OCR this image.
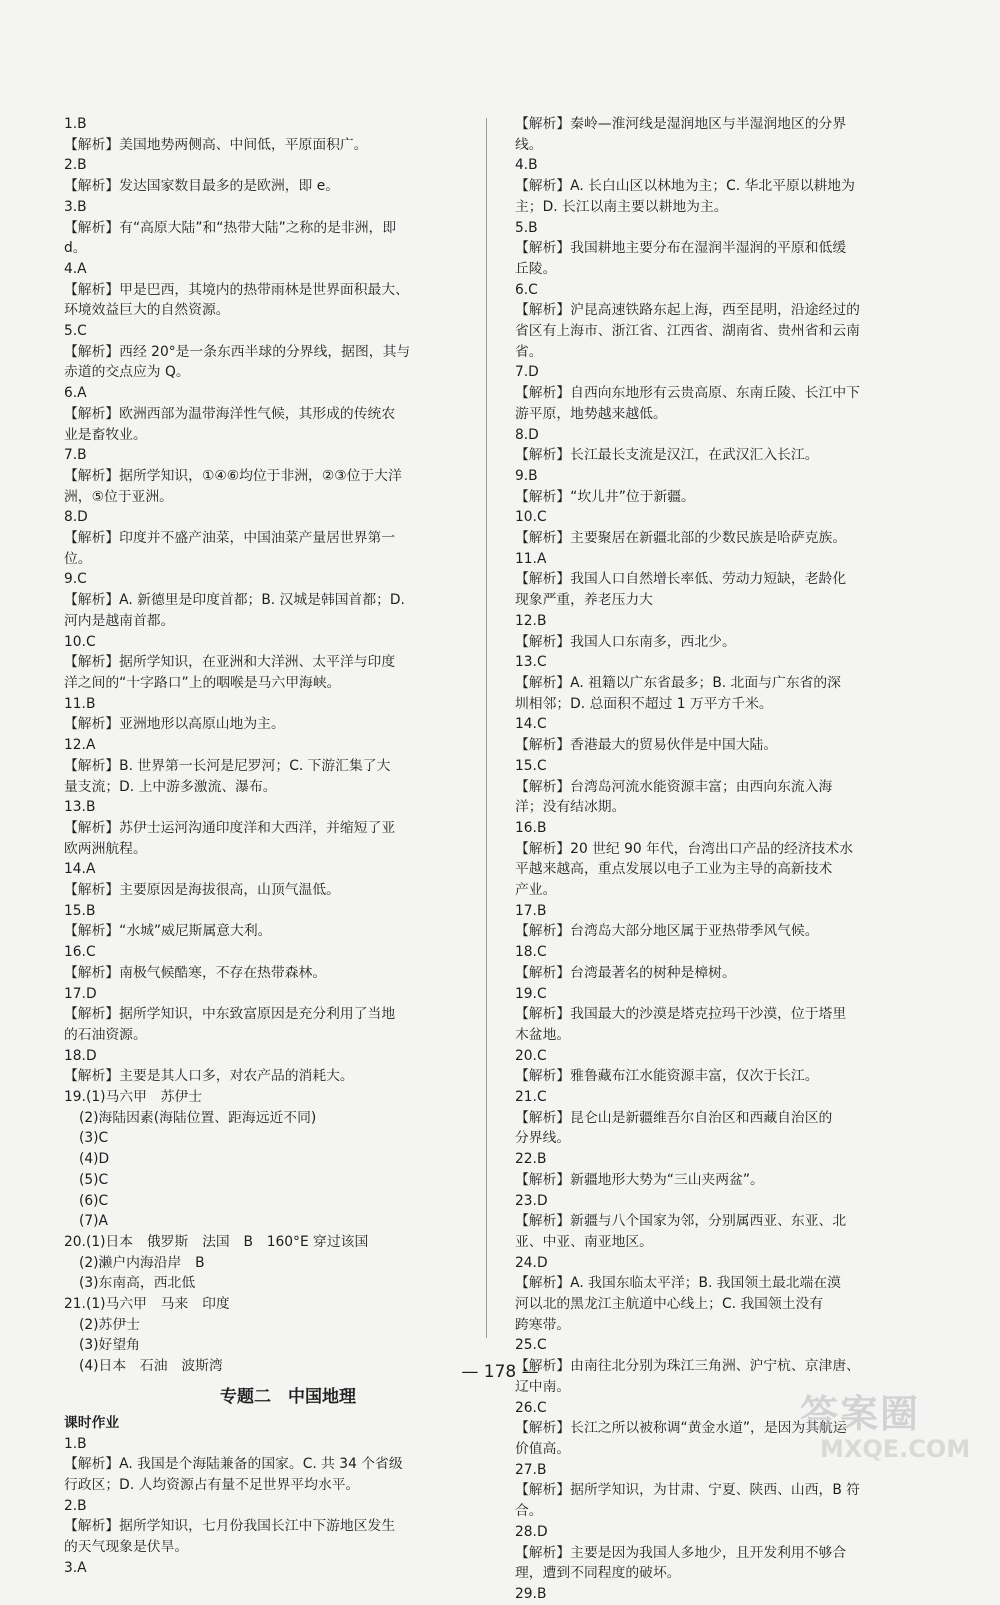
1.B
【解析】美国地势两侧高、中间低，平原面积广。
2.B
【解析】发达国家数目最多的是欧洲，即 e。
3.B
【解析】有“高原大陆”和“热带大陆”之称的是非洲，即
d。
4.A
【解析】甲是巴西，其境内的热带雨林是世界面积最大、
环境效益巨大的自然资源。
5.C
【解析】西经 20°是一条东西半球的分界线，据图，其与
赤道的交点应为 Q。
6.A
【解析】欧洲西部为温带海洋性气候，其形成的传统农
业是畜牧业。
7.B
【解析】据所学知识，①④⑥均位于非洲，②③位于大洋
洲，⑤位于亚洲。
8.D
【解析】印度并不盛产油菜，中国油菜产量居世界第一
位。
9.C
【解析】A. 新德里是印度首都；B. 汉城是韩国首都；D.
河内是越南首都。
10.C
【解析】据所学知识，在亚洲和大洋洲、太平洋与印度
洋之间的“十字路口”上的咽喉是马六甲海峡。
11.B
【解析】亚洲地形以高原山地为主。
12.A
【解析】B. 世界第一长河是尼罗河；C. 下游汇集了大
量支流；D. 上中游多激流、瀑布。
13.B
【解析】苏伊士运河沟通印度洋和大西洋，并缩短了亚
欧两洲航程。
14.A
【解析】主要原因是海拔很高，山顶气温低。
15.B
【解析】“水城”威尼斯属意大利。
16.C
【解析】南极气候酷寒，不存在热带森林。
17.D
【解析】据所学知识，中东致富原因是充分利用了当地
的石油资源。
18.D
【解析】主要是其人口多，对农产品的消耗大。
19.(1)马六甲　苏伊士
(2)海陆因素(海陆位置、距海远近不同)
(3)C
(4)D
(5)C
(6)C
(7)A
20.(1)日本　俄罗斯　法国　B　160°E 穿过该国
(2)濑户内海沿岸　B
(3)东南高，西北低
21.(1)马六甲　马来　印度
(2)苏伊士
(3)好望角
(4)日本　石油　波斯湾
专题二　中国地理
课时作业
1.B
【解析】A. 我国是个海陆兼备的国家。C. 共 34 个省级
行政区；D. 人均资源占有量不足世界平均水平。
2.B
【解析】据所学知识，七月份我国长江中下游地区发生
的天气现象是伏旱。
3.A
【解析】秦岭—淮河线是湿润地区与半湿润地区的分界
线。
4.B
【解析】A. 长白山区以林地为主；C. 华北平原以耕地为
主；D. 长江以南主要以耕地为主。
5.B
【解析】我国耕地主要分布在湿润半湿润的平原和低缓
丘陵。
6.C
【解析】沪昆高速铁路东起上海，西至昆明，沿途经过的
省区有上海市、浙江省、江西省、湖南省、贵州省和云南
省。
7.D
【解析】自西向东地形有云贵高原、东南丘陵、长江中下
游平原，地势越来越低。
8.D
【解析】长江最长支流是汉江，在武汉汇入长江。
9.B
【解析】“坎儿井”位于新疆。
10.C
【解析】主要聚居在新疆北部的少数民族是哈萨克族。
11.A
【解析】我国人口自然增长率低、劳动力短缺，老龄化
现象严重，养老压力大
12.B
【解析】我国人口东南多，西北少。
13.C
【解析】A. 祖籍以广东省最多；B. 北面与广东省的深
圳相邻；D. 总面积不超过 1 万平方千米。
14.C
【解析】香港最大的贸易伙伴是中国大陆。
15.C
【解析】台湾岛河流水能资源丰富；由西向东流入海
洋；没有结冰期。
16.B
【解析】20 世纪 90 年代，台湾出口产品的经济技术水
平越来越高，重点发展以电子工业为主导的高新技术
产业。
17.B
【解析】台湾岛大部分地区属于亚热带季风气候。
18.C
【解析】台湾最著名的树种是樟树。
19.C
【解析】我国最大的沙漠是塔克拉玛干沙漠，位于塔里
木盆地。
20.C
【解析】雅鲁藏布江水能资源丰富，仅次于长江。
21.C
【解析】昆仑山是新疆维吾尔自治区和西藏自治区的
分界线。
22.B
【解析】新疆地形大势为“三山夹两盆”。
23.D
【解析】新疆与八个国家为邻，分别属西亚、东亚、北
亚、中亚、南亚地区。
24.D
【解析】A. 我国东临太平洋；B. 我国领土最北端在漠
河以北的黑龙江主航道中心线上；C. 我国领土没有
跨寒带。
25.C
【解析】由南往北分别为珠江三角洲、沪宁杭、京津唐、
辽中南。
26.C
【解析】长江之所以被称调“黄金水道”，是因为其航运
价值高。
27.B
【解析】据所学知识，为甘肃、宁夏、陕西、山西，B 符
合。
28.D
【解析】主要是因为我国人多地少，且开发利用不够合
理，遭到不同程度的破坏。
29.B
— 178 —
答案圈
MXQE.COM
